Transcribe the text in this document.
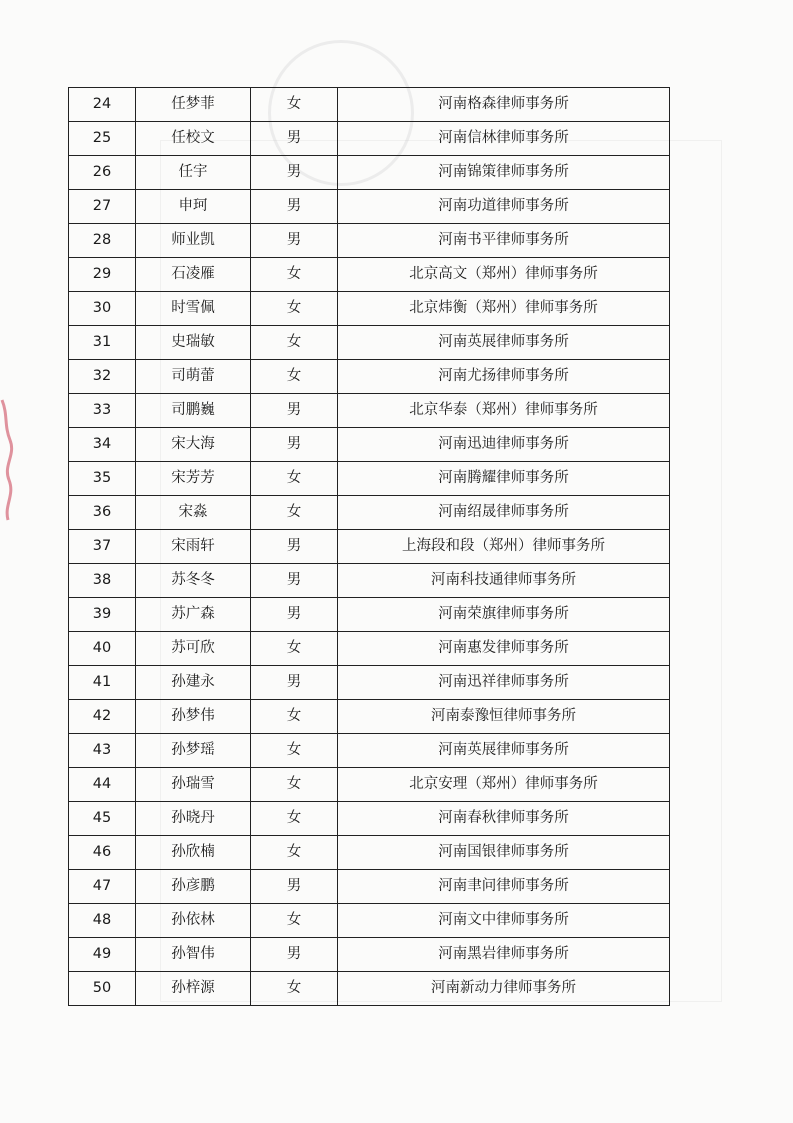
24	任梦菲	女	河南格森律师事务所
25	任校文	男	河南信林律师事务所
26	任宇	男	河南锦策律师事务所
27	申珂	男	河南功道律师事务所
28	师业凯	男	河南书平律师事务所
29	石凌雁	女	北京高文（郑州）律师事务所
30	时雪佩	女	北京炜衡（郑州）律师事务所
31	史瑞敏	女	河南英展律师事务所
32	司萌蕾	女	河南尤扬律师事务所
33	司鹏巍	男	北京华泰（郑州）律师事务所
34	宋大海	男	河南迅迪律师事务所
35	宋芳芳	女	河南腾耀律师事务所
36	宋淼	女	河南绍晟律师事务所
37	宋雨轩	男	上海段和段（郑州）律师事务所
38	苏冬冬	男	河南科技通律师事务所
39	苏广森	男	河南荣旗律师事务所
40	苏可欣	女	河南惠发律师事务所
41	孙建永	男	河南迅祥律师事务所
42	孙梦伟	女	河南泰豫恒律师事务所
43	孙梦瑶	女	河南英展律师事务所
44	孙瑞雪	女	北京安理（郑州）律师事务所
45	孙晓丹	女	河南春秋律师事务所
46	孙欣楠	女	河南国银律师事务所
47	孙彦鹏	男	河南聿问律师事务所
48	孙依林	女	河南文中律师事务所
49	孙智伟	男	河南黑岩律师事务所
50	孙梓源	女	河南新动力律师事务所
